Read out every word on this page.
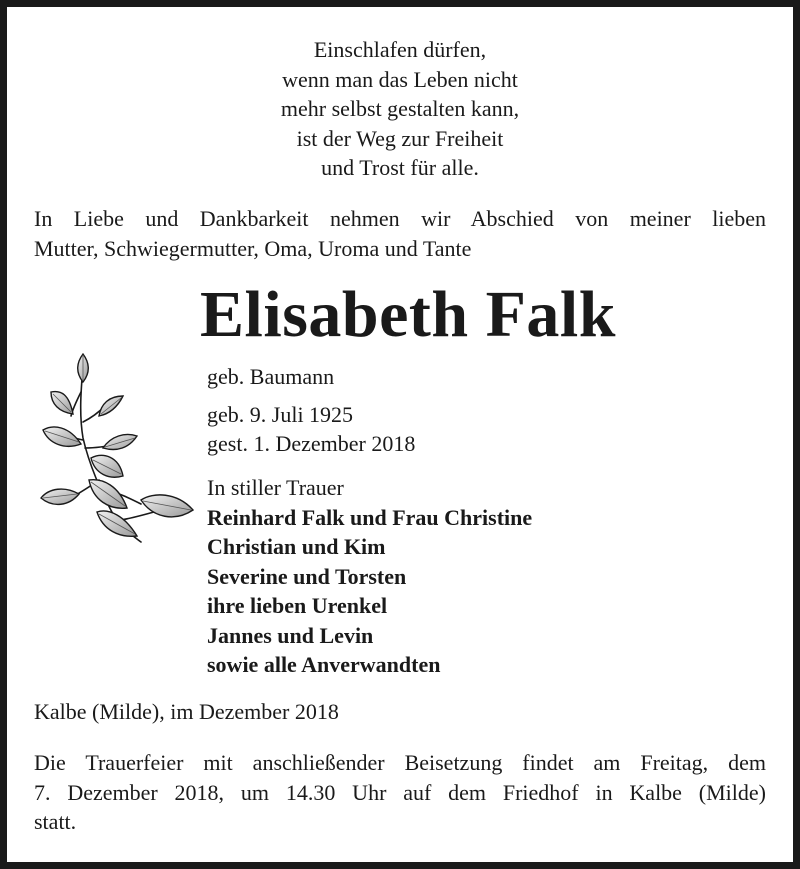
Einschlafen dürfen,
wenn man das Leben nicht
mehr selbst gestalten kann,
ist der Weg zur Freiheit
und Trost für alle.
In Liebe und Dankbarkeit nehmen wir Abschied von meiner lieben
Mutter, Schwiegermutter, Oma, Uroma und Tante
Elisabeth Falk
geb. Baumann
geb. 9. Juli 1925
gest. 1. Dezember 2018
In stiller Trauer
Reinhard Falk und Frau Christine
Christian und Kim
Severine und Torsten
ihre lieben Urenkel
Jannes und Levin
sowie alle Anverwandten
Kalbe (Milde), im Dezember 2018
Die Trauerfeier mit anschließender Beisetzung findet am Freitag, dem
7. Dezember 2018, um 14.30 Uhr auf dem Friedhof in Kalbe (Milde)
statt.
